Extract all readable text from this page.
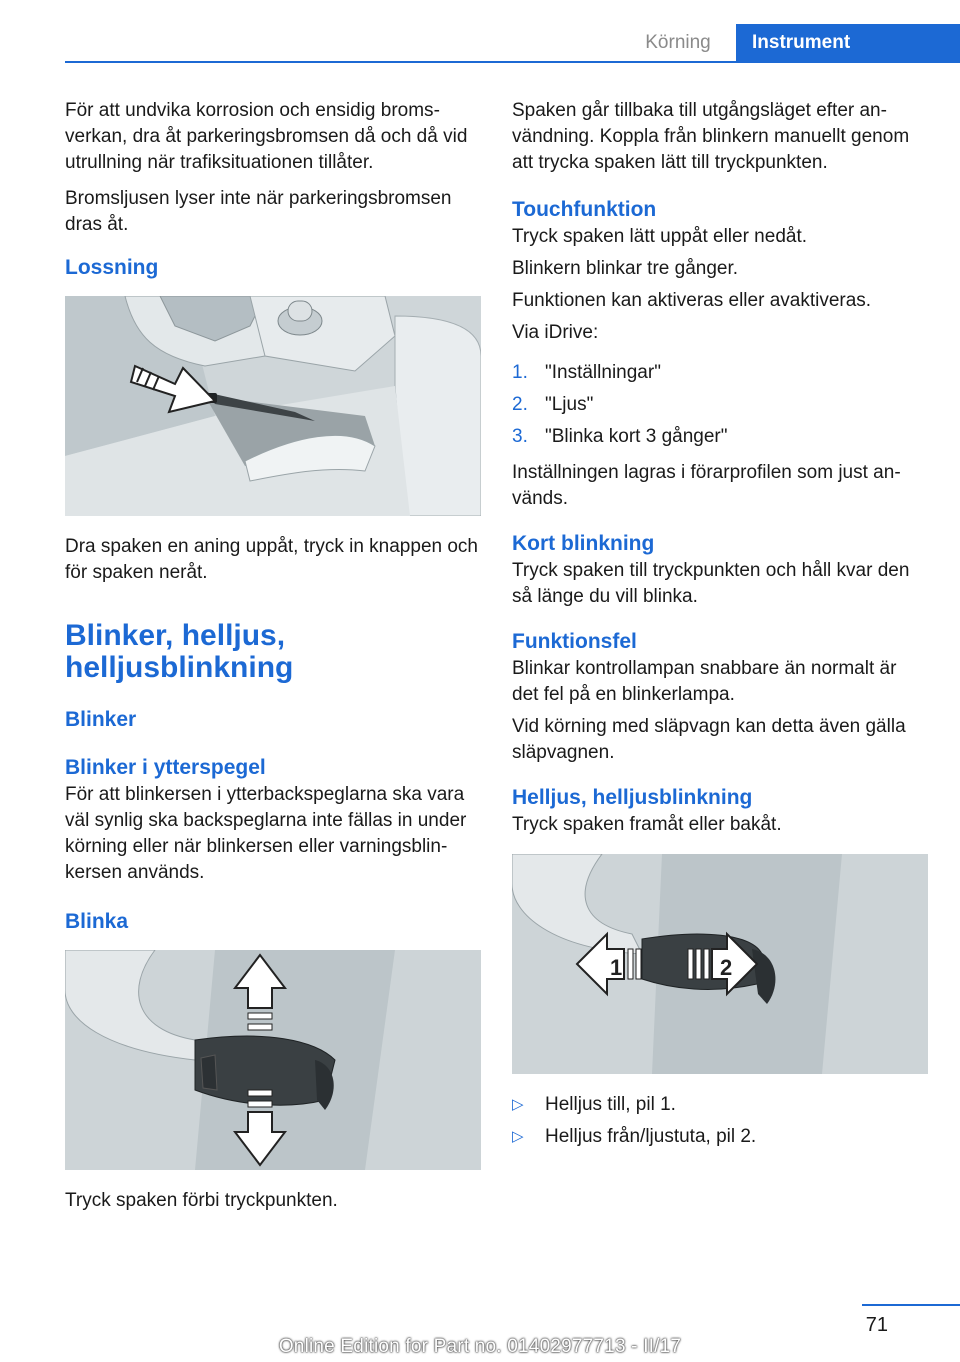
Körning	Instrument

För att undvika korrosion och ensidig bromsverkan, dra åt parkeringsbromsen då och då vid utrullning när trafiksituationen tillåter.

Bromsljusen lyser inte när parkeringsbromsen dras åt.

Lossning

Dra spaken en aning uppåt, tryck in knappen och för spaken neråt.

Blinker, helljus, helljusblinkning
Blinker
Blinker i ytterspegel

För att blinkersen i ytterbackspeglarna ska vara väl synlig ska backspeglarna inte fällas in under körning eller när blinkersen eller varningsblinkersen används.

Blinka

Tryck spaken förbi tryckpunkten.

Spaken går tillbaka till utgångsläget efter användning. Koppla från blinkern manuellt genom att trycka spaken lätt till tryckpunkten.

Touchfunktion

Tryck spaken lätt uppåt eller nedåt.

Blinkern blinkar tre gånger.

Funktionen kan aktiveras eller avaktiveras.

Via iDrive:

1. "Inställningar"
2. "Ljus"
3. "Blinka kort 3 gånger"

Inställningen lagras i förarprofilen som just används.

Kort blinkning

Tryck spaken till tryckpunkten och håll kvar den så länge du vill blinka.

Funktionsfel

Blinkar kontrollampan snabbare än normalt är det fel på en blinkerlampa.

Vid körning med släpvagn kan detta även gälla släpvagnen.

Helljus, helljusblinkning

Tryck spaken framåt eller bakåt.

1	2
▷ Helljus till, pil 1.
▷ Helljus från/ljustuta, pil 2.
71
Online Edition for Part no. 01402977713 - II/17
